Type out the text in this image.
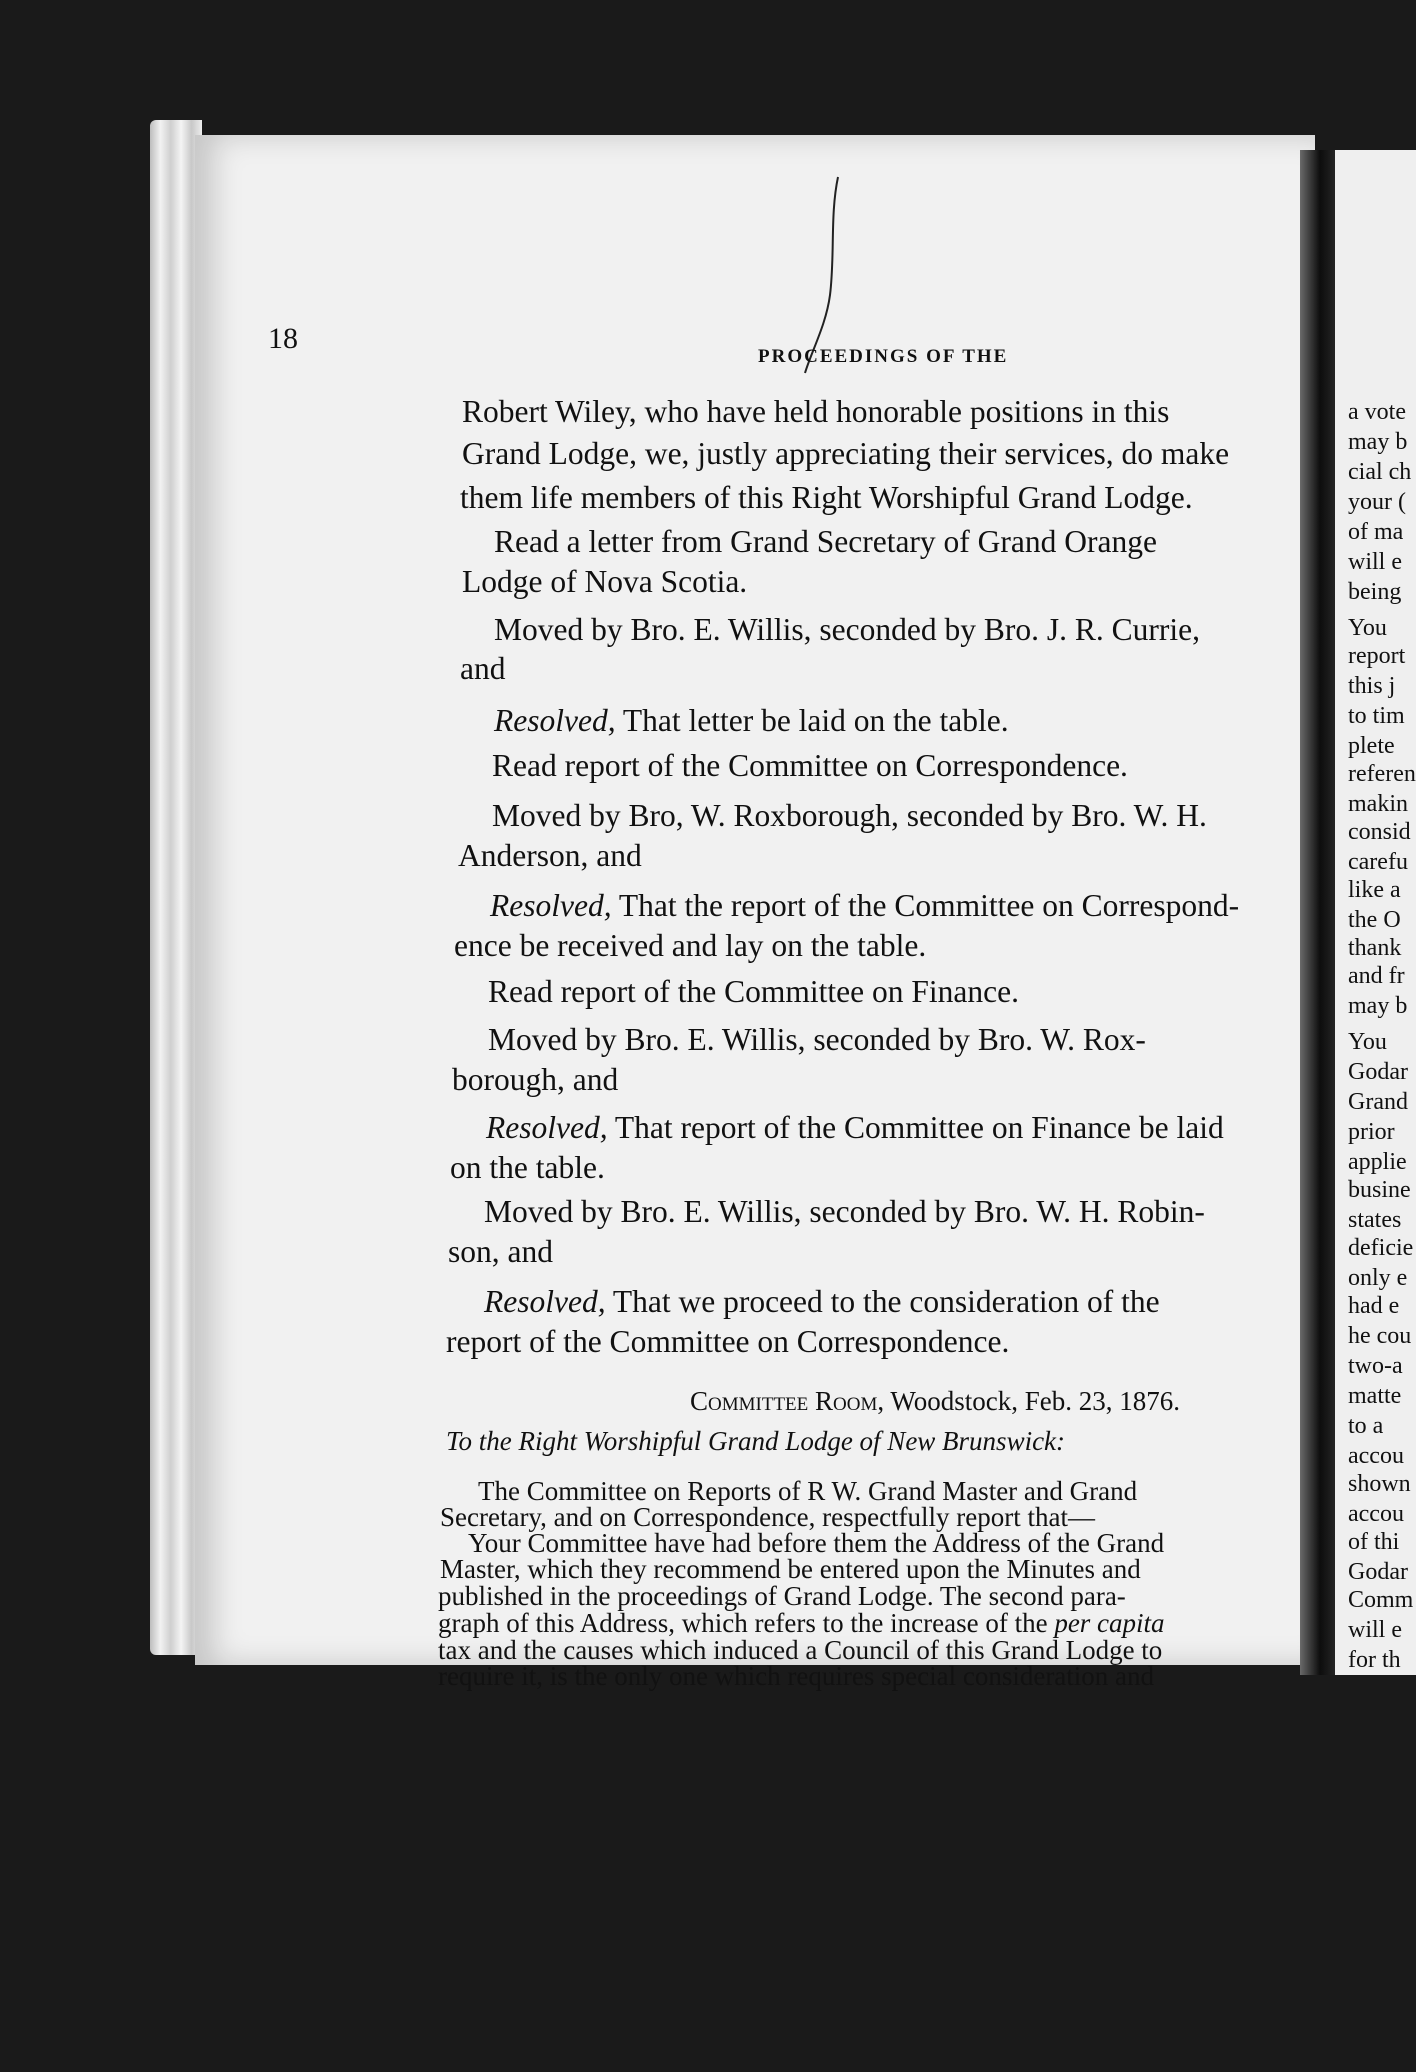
a vote
may b
cial ch
your (
of ma
will e
being
You
report
this j
to tim
plete
referen
makin
consid
carefu
like a
the O
thank
and fr
may b
You
Godar
Grand
prior
applie
busine
states
deficie
only e
had e
he cou
two-a
matte
to a
accou
shown
accou
of thi
Godar
Comm
will e
for th
18
PROCEEDINGS OF THE
Robert Wiley, who have held honorable positions in this
Grand Lodge, we, justly appreciating their services, do make
them life members of this Right Worshipful Grand Lodge.
Read a letter from Grand Secretary of Grand Orange
Lodge of Nova Scotia.
Moved by Bro. E. Willis, seconded by Bro. J. R. Currie,
and
Resolved, That letter be laid on the table.
Read report of the Committee on Correspondence.
Moved by Bro, W. Roxborough, seconded by Bro. W. H.
Anderson, and
Resolved, That the report of the Committee on Correspond-
ence be received and lay on the table.
Read report of the Committee on Finance.
Moved by Bro. E. Willis, seconded by Bro. W. Rox-
borough, and
Resolved, That report of the Committee on Finance be laid
on the table.
Moved by Bro. E. Willis, seconded by Bro. W. H. Robin-
son, and
Resolved, That we proceed to the consideration of the
report of the Committee on Correspondence.
Committee Room, Woodstock, Feb. 23, 1876.
To the Right Worshipful Grand Lodge of New Brunswick:
The Committee on Reports of R W. Grand Master and Grand
Secretary, and on Correspondence, respectfully report that—
Your Committee have had before them the Address of the Grand
Master, which they recommend be entered upon the Minutes and
published in the proceedings of Grand Lodge. The second para-
graph of this Address, which refers to the increase of the per capita
tax and the causes which induced a Council of this Grand Lodge to
require it, is the only one which requires special consideration and
